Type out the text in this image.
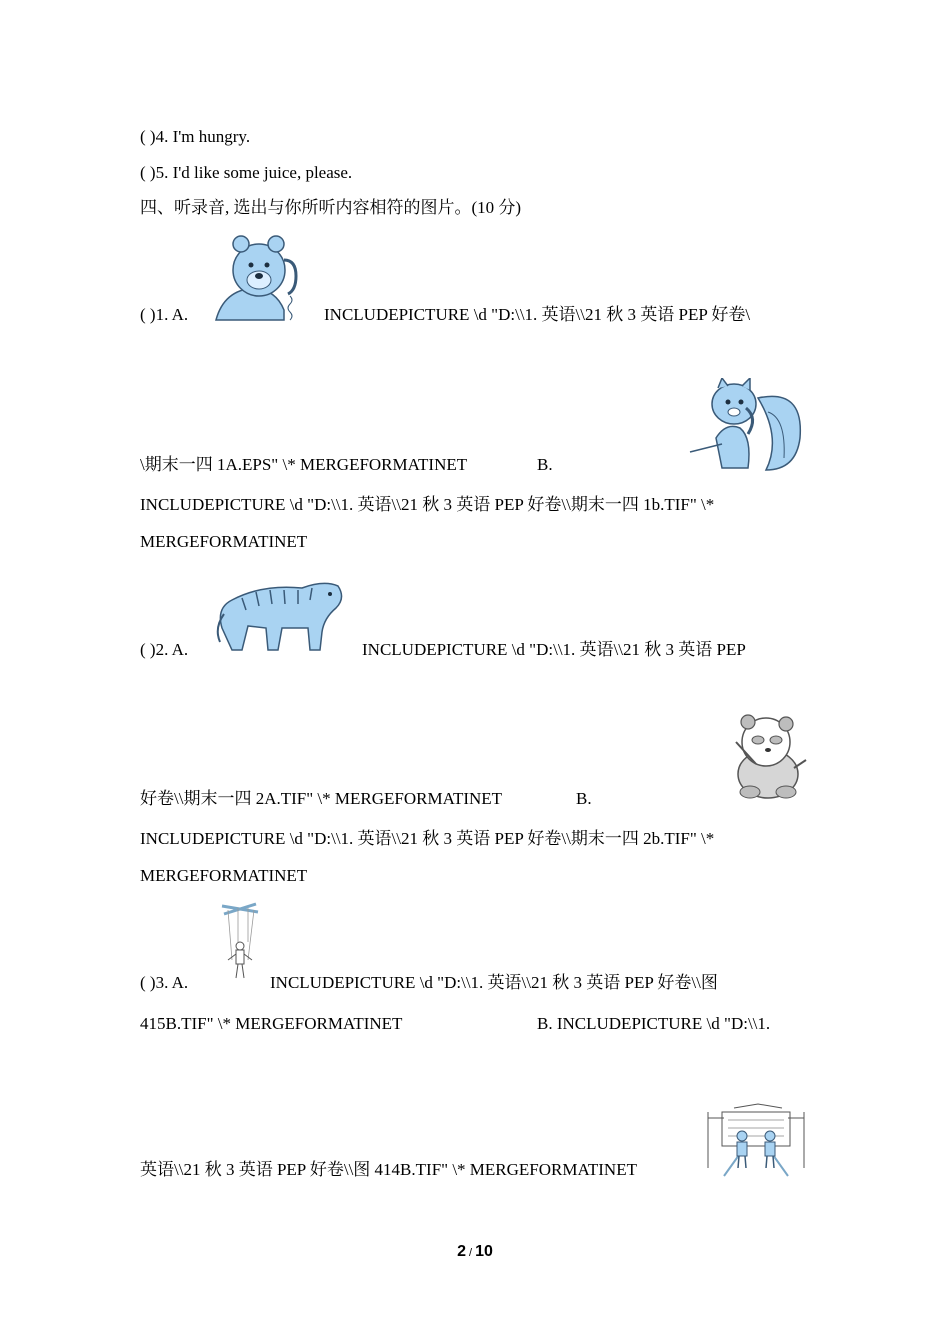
( )4. I'm hungry.
( )5. I'd like some juice, please.
四、听录音, 选出与你所听内容相符的图片。(10 分)
( )1. A.	INCLUDEPICTURE \d "D:\\1. 英语\\21 秋 3 英语 PEP 好卷\
\期末一四 1A.EPS" \* MERGEFORMATINET	B.
INCLUDEPICTURE \d "D:\\1. 英语\\21 秋 3 英语 PEP 好卷\\期末一四 1b.TIF" \*
MERGEFORMATINET
( )2. A.	INCLUDEPICTURE \d "D:\\1. 英语\\21 秋 3 英语 PEP
好卷\\期末一四 2A.TIF" \* MERGEFORMATINET	B.
INCLUDEPICTURE \d "D:\\1. 英语\\21 秋 3 英语 PEP 好卷\\期末一四 2b.TIF" \*
MERGEFORMATINET
( )3. A.	INCLUDEPICTURE \d "D:\\1. 英语\\21 秋 3 英语 PEP 好卷\\图
415B.TIF" \* MERGEFORMATINET	B. INCLUDEPICTURE \d "D:\\1.
英语\\21 秋 3 英语 PEP 好卷\\图 414B.TIF" \* MERGEFORMATINET
2 / 10
